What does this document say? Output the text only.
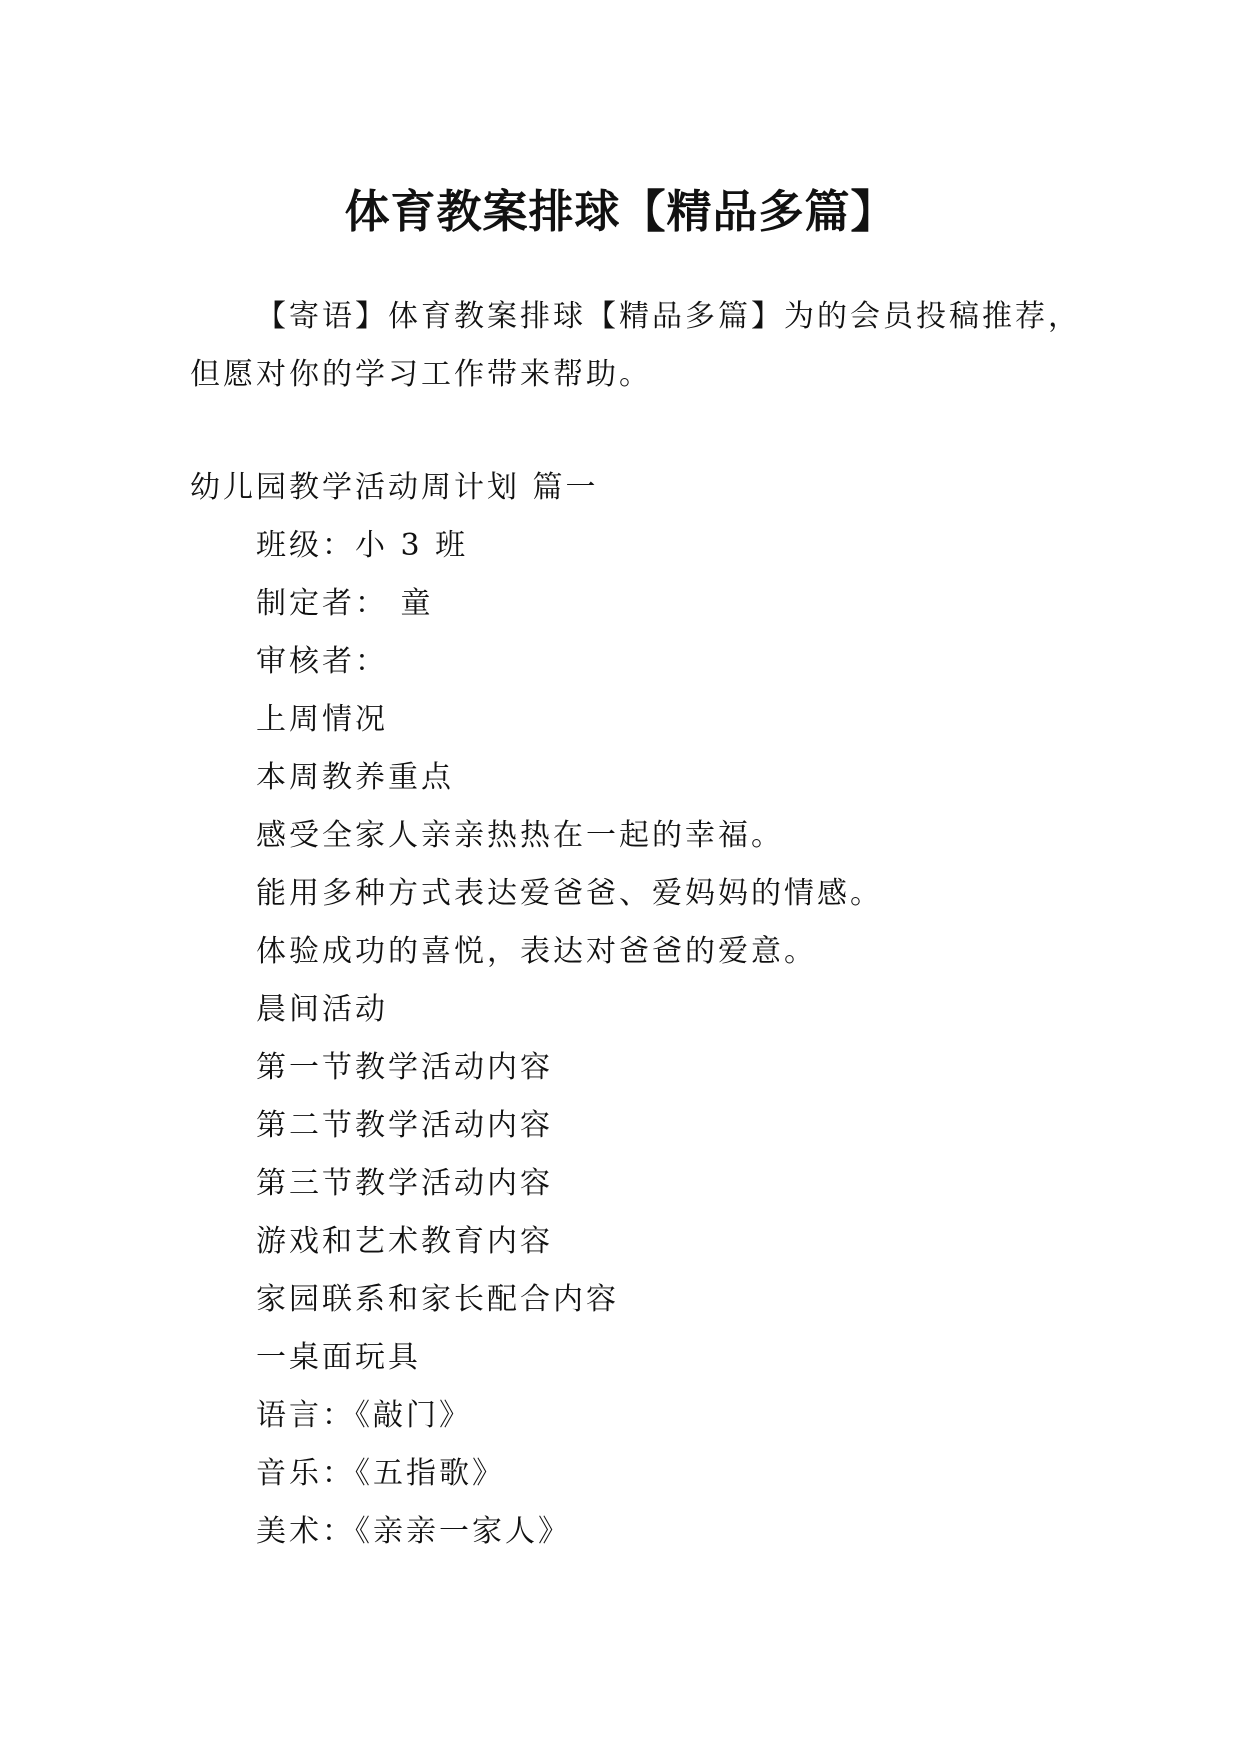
体育教案排球【精品多篇】

【寄语】体育教案排球【精品多篇】为的会员投稿推荐，

但愿对你的学习工作带来帮助。

幼儿园教学活动周计划 篇一

班级：小 3 班
制定者： 童
审核者：
上周情况
本周教养重点
感受全家人亲亲热热在一起的幸福。
能用多种方式表达爱爸爸、爱妈妈的情感。
体验成功的喜悦，表达对爸爸的爱意。
晨间活动
第一节教学活动内容
第二节教学活动内容
第三节教学活动内容
游戏和艺术教育内容
家园联系和家长配合内容
一桌面玩具
语言：《敲门》
音乐：《五指歌》
美术：《亲亲一家人》
